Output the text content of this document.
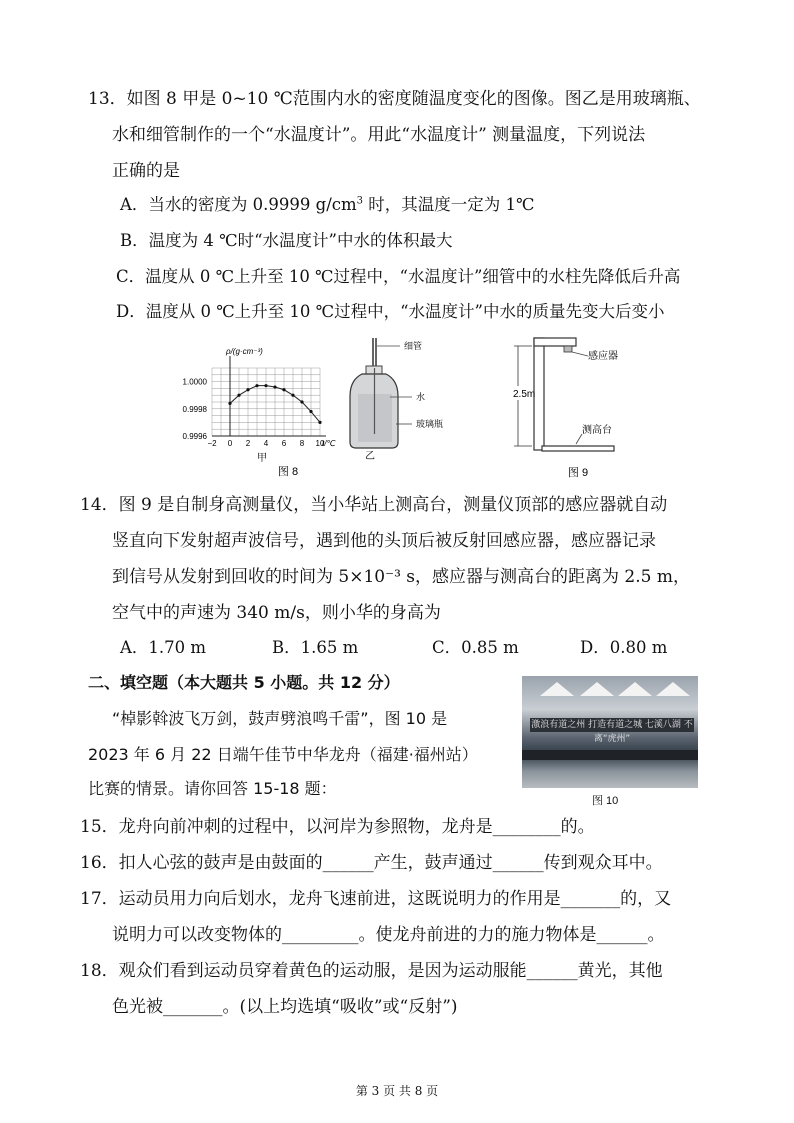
13．如图 8 甲是 0~10 ℃范围内水的密度随温度变化的图像。图乙是用玻璃瓶、
水和细管制作的一个“水温度计”。用此“水温度计” 测量温度，下列说法
正确的是
A．当水的密度为 0.9999 $g/cm^3$ 时，其温度一定为 1℃
B．温度为 4 ℃时“水温度计”中水的体积最大
C．温度从 0 ℃上升至 10 ℃过程中，“水温度计”细管中的水柱先降低后升高
D．温度从 0 ℃上升至 10 ℃过程中，“水温度计”中水的质量先变大后变小
−2 0 2 4 6 8 10
1.0000
0.9998
0.9996
ρ/(g·cm⁻³)
t/℃
甲	乙
图 8
细管
水
玻璃瓶
感应器
2.5m
测高台
图 9
14．图 9 是自制身高测量仪，当小华站上测高台，测量仪顶部的感应器就自动
竖直向下发射超声波信号，遇到他的头顶后被反射回感应器，感应器记录
到信号从发射到回收的时间为 5×10⁻³ s，感应器与测高台的距离为 2.5 m，
空气中的声速为 340 m/s，则小华的身高为
A．1.70 m	B．1.65 m	C．0.85 m	D．0.80 m
二、填空题（本大题共 5 小题。共 12 分）
“棹影斡波飞万剑，鼓声劈浪鸣千雷”，图 10 是
2023 年 6 月 22 日端午佳节中华龙舟（福建·福州站）
比赛的情景。请你回答 15-18 题：
激浪有道之州 打造有道之城 七溪八湖 不离“虎州”
图 10
15．龙舟向前冲刺的过程中，以河岸为参照物，龙舟是________的。
16．扣人心弦的鼓声是由鼓面的______产生，鼓声通过______传到观众耳中。
17．运动员用力向后划水，龙舟飞速前进，这既说明力的作用是_______的，又
说明力可以改变物体的_________。使龙舟前进的力的施力物体是______。
18．观众们看到运动员穿着黄色的运动服，是因为运动服能______黄光，其他
色光被_______。(以上均选填“吸收”或“反射”)
第 3 页 共 8 页
